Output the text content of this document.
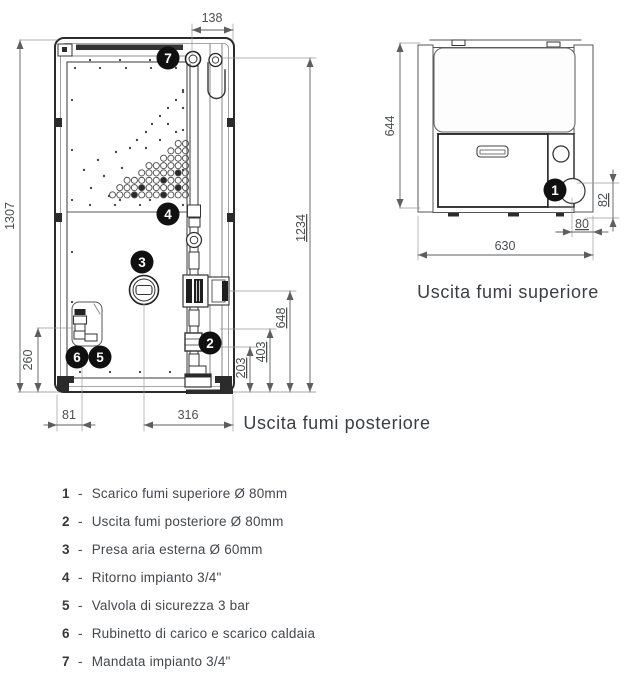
138
1307
260	203
403
648
1234
81	316
7
4
3
2
6 5
Uscita fumi posteriore
644
82
80
630
1
Uscita fumi superiore
1 - Scarico fumi superiore Ø 80mm
2 - Uscita fumi posteriore Ø 80mm
3 - Presa aria esterna Ø 60mm
4 - Ritorno impianto 3/4"
5 - Valvola di sicurezza 3 bar
6 - Rubinetto di carico e scarico caldaia
7 - Mandata impianto 3/4"
